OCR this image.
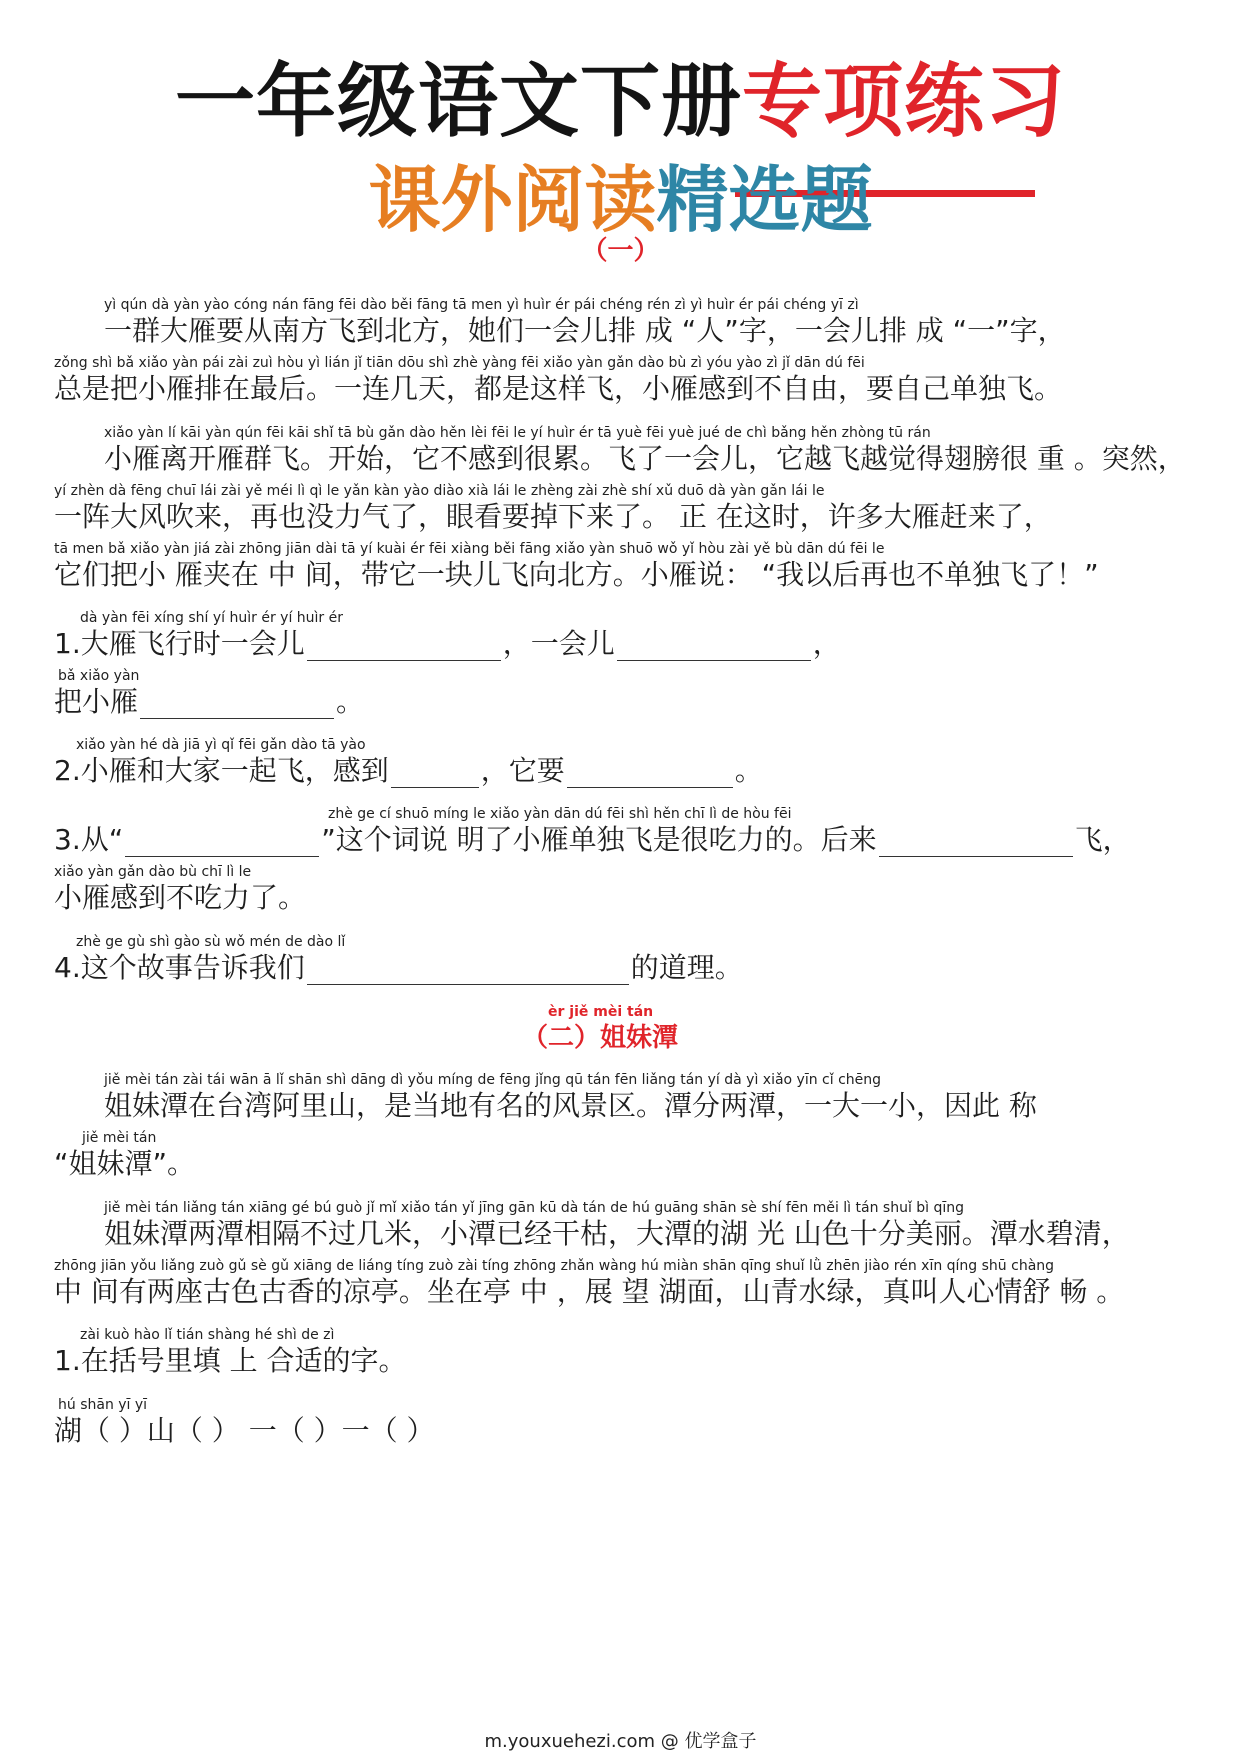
一年级语文下册专项练习
课外阅读精选题
（一）
yì qún dà yàn yào cóng nán fāng fēi dào běi fāng tā men yì huìr ér pái chéng rén zì yì huìr ér pái chéng yī zì
一群大雁要从南方飞到北方，她们一会儿排 成 “人”字，一会儿排 成 “一”字，
zǒng shì bǎ xiǎo yàn pái zài zuì hòu yì lián jǐ tiān dōu shì zhè yàng fēi xiǎo yàn gǎn dào bù zì yóu yào zì jǐ dān dú fēi
总是把小雁排在最后。一连几天，都是这样飞，小雁感到不自由，要自己单独飞。
xiǎo yàn lí kāi yàn qún fēi kāi shǐ tā bù gǎn dào hěn lèi fēi le yí huìr ér tā yuè fēi yuè jué de chì bǎng hěn zhòng tū rán
小雁离开雁群飞。开始，它不感到很累。飞了一会儿，它越飞越觉得翅膀很 重 。突然，
yí zhèn dà fēng chuī lái zài yě méi lì qì le yǎn kàn yào diào xià lái le zhèng zài zhè shí xǔ duō dà yàn gǎn lái le
一阵大风吹来，再也没力气了，眼看要掉下来了。 正 在这时，许多大雁赶来了，
tā men bǎ xiǎo yàn jiá zài zhōng jiān dài tā yí kuài ér fēi xiàng běi fāng xiǎo yàn shuō wǒ yǐ hòu zài yě bù dān dú fēi le
它们把小 雁夹在 中 间，带它一块儿飞向北方。小雁说： “我以后再也不单独飞了！”
dà yàn fēi xíng shí yí huìr ér yí huìr ér
1.大雁飞行时一会儿	，一会儿	，
bǎ xiǎo yàn
把小雁	。
xiǎo yàn hé dà jiā yì qǐ fēi gǎn dào tā yào
2.小雁和大家一起飞，感到	，它要	。
zhè ge cí shuō míng le xiǎo yàn dān dú fēi shì hěn chī lì de hòu fēi
3.从“	”这个词说 明了小雁单独飞是很吃力的。后来	飞，
xiǎo yàn gǎn dào bù chī lì le
小雁感到不吃力了。
zhè ge gù shì gào sù wǒ mén de dào lǐ
4.这个故事告诉我们	的道理。
èr jiě mèi tán
（二）姐妹潭
jiě mèi tán zài tái wān ā lǐ shān shì dāng dì yǒu míng de fēng jǐng qū tán fēn liǎng tán yí dà yì xiǎo yīn cǐ chēng
姐妹潭在台湾阿里山，是当地有名的风景区。潭分两潭，一大一小，因此 称
jiě mèi tán
“姐妹潭”。
jiě mèi tán liǎng tán xiāng gé bú guò jǐ mǐ xiǎo tán yǐ jīng gān kū dà tán de hú guāng shān sè shí fēn měi lì tán shuǐ bì qīng
姐妹潭两潭相隔不过几米，小潭已经干枯，大潭的湖 光 山色十分美丽。潭水碧清，
zhōng jiān yǒu liǎng zuò gǔ sè gǔ xiāng de liáng tíng zuò zài tíng zhōng zhǎn wàng hú miàn shān qīng shuǐ lǜ zhēn jiào rén xīn qíng shū chàng
中 间有两座古色古香的凉亭。坐在亭 中 ，展 望 湖面，山青水绿，真叫人心情舒 畅 。
zài kuò hào lǐ tián shàng hé shì de zì
1.在括号里填 上 合适的字。
hú shān yī yī
湖（ ）山（ ） 一（ ）一（ ）
m.youxuehezi.com @ 优学盒子
